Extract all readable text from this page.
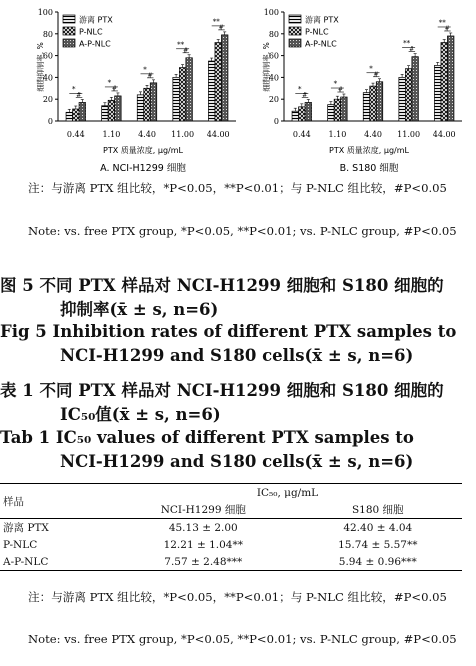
0
20
40
60
80
100
细胞抑制率, %	*
#
0.44
*
#
1.10
*
#
4.40
**
#
11.00
**
#
44.00
PTX 质量浓度, μg/mL
A. NCI-H1299 细胞
游离 PTX
P-NLC
A-P-NLC
0
20
40
60
80
100
细胞抑制率, %	*
#
0.44
*
#
1.10
*
#
4.40
**
#
11.00
**
#
44.00
PTX 质量浓度, μg/mL
B. S180 细胞
游离 PTX
P-NLC
A-P-NLC
注：与游离 PTX 组比较，*P<0.05，**P<0.01；与 P-NLC 组比较，#P<0.05
Note: vs. free PTX group, *P<0.05, **P<0.01; vs. P-NLC group, #P<0.05
图 5 不同 PTX 样品对 NCI-H1299 细胞和 S180 细胞的
抑制率(x̄ ± s, n=6)
Fig 5 Inhibition rates of different PTX samples to
NCI-H1299 and S180 cells(x̄ ± s, n=6)
表 1 不同 PTX 样品对 NCI-H1299 细胞和 S180 细胞的
IC₅₀值(x̄ ± s, n=6)
Tab 1 IC₅₀ values of different PTX samples to
NCI-H1299 and S180 cells(x̄ ± s, n=6)
样品	IC₅₀, μg/mL	
	NCI-H1299 细胞	S180 细胞
游离 PTX	45.13 ± 2.00	42.40 ± 4.04
P-NLC	12.21 ± 1.04**	15.74 ± 5.57**
A-P-NLC	7.57 ± 2.48***	5.94 ± 0.96***
注：与游离 PTX 组比较，*P<0.05，**P<0.01；与 P-NLC 组比较，#P<0.05
Note: vs. free PTX group, *P<0.05, **P<0.01; vs. P-NLC group, #P<0.05
